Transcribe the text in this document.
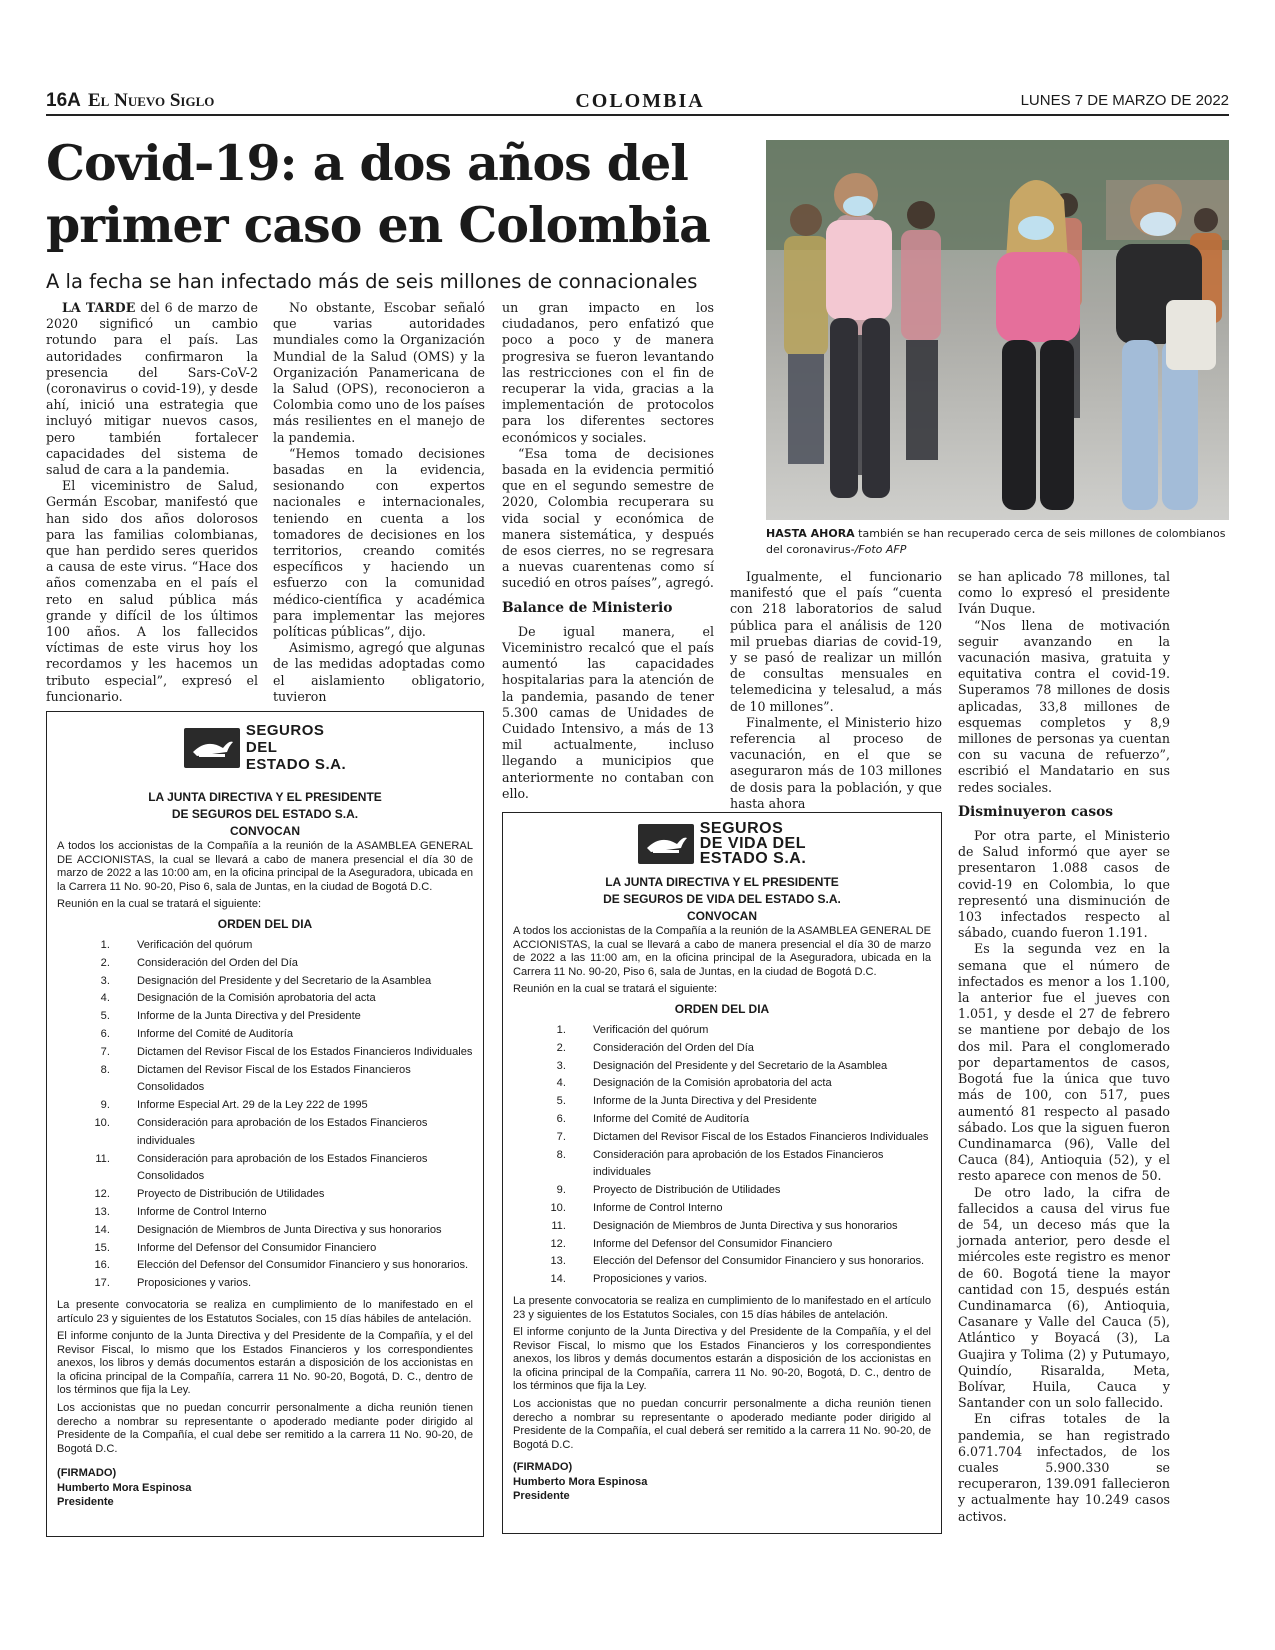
16A El Nuevo Siglo	COLOMBIA	LUNES 7 DE MARZO DE 2022
Covid-19: a dos años del
primer caso en Colombia

A la fecha se han infectado más de seis millones de connacionales

HASTA AHORA también se han recuperado cerca de seis millones de colombianos del coronavirus-/Foto AFP

LA TARDE del 6 de marzo de 2020 significó un cambio rotundo para el país. Las autoridades confirmaron la presencia del Sars-CoV-2 (coronavirus o covid-19), y desde ahí, inició una estrategia que incluyó mitigar nuevos casos, pero también fortalecer capacidades del sistema de salud de cara a la pandemia.

El viceministro de Salud, Germán Escobar, manifestó que han sido dos años dolorosos para las familias colombianas, que han perdido seres queridos a causa de este virus. “Hace dos años comenzaba en el país el reto en salud pública más grande y difícil de los últimos 100 años. A los fallecidos víctimas de este virus hoy los recordamos y les hacemos un tributo especial”, expresó el funcionario.

No obstante, Escobar señaló que varias autoridades mundiales como la Organización Mundial de la Salud (OMS) y la Organización Panamericana de la Salud (OPS), reconocieron a Colombia como uno de los países más resilientes en el manejo de la pandemia.

“Hemos tomado decisiones basadas en la evidencia, sesionando con expertos nacionales e internacionales, teniendo en cuenta a los tomadores de decisiones en los territorios, creando comités específicos y haciendo un esfuerzo con la comunidad médico-científica y académica para implementar las mejores políticas públicas”, dijo.

Asimismo, agregó que algunas de las medidas adoptadas como el aislamiento obligatorio, tuvieron

un gran impacto en los ciudadanos, pero enfatizó que poco a poco y de manera progresiva se fueron levantando las restricciones con el fin de recuperar la vida, gracias a la implementación de protocolos para los diferentes sectores económicos y sociales.

“Esa toma de decisiones basada en la evidencia permitió que en el segundo semestre de 2020, Colombia recuperara su vida social y económica de manera sistemática, y después de esos cierres, no se regresara a nuevas cuarentenas como sí sucedió en otros países”, agregó.

Balance de Ministerio

De igual manera, el Viceministro recalcó que el país aumentó las capacidades hospitalarias para la atención de la pandemia, pasando de tener 5.300 camas de Unidades de Cuidado Intensivo, a más de 13 mil actualmente, incluso llegando a municipios que anteriormente no contaban con ello.

Igualmente, el funcionario manifestó que el país “cuenta con 218 laboratorios de salud pública para el análisis de 120 mil pruebas diarias de covid-19, y se pasó de realizar un millón de consultas mensuales en telemedicina y telesalud, a más de 10 millones”.

Finalmente, el Ministerio hizo referencia al proceso de vacunación, en el que se aseguraron más de 103 millones de dosis para la población, y que hasta ahora

se han aplicado 78 millones, tal como lo expresó el presidente Iván Duque.

“Nos llena de motivación seguir avanzando en la vacunación masiva, gratuita y equitativa contra el covid-19. Superamos 78 millones de dosis aplicadas, 33,8 millones de esquemas completos y 8,9 millones de personas ya cuentan con su vacuna de refuerzo”, escribió el Mandatario en sus redes sociales.

Disminuyeron casos

Por otra parte, el Ministerio de Salud informó que ayer se presentaron 1.088 casos de covid-19 en Colombia, lo que representó una disminución de 103 infectados respecto al sábado, cuando fueron 1.191.

Es la segunda vez en la semana que el número de infectados es menor a los 1.100, la anterior fue el jueves con 1.051, y desde el 27 de febrero se mantiene por debajo de los dos mil. Para el conglomerado por departamentos de casos, Bogotá fue la única que tuvo más de 100, con 517, pues aumentó 81 respecto al pasado sábado. Los que la siguen fueron Cundinamarca (96), Valle del Cauca (84), Antioquia (52), y el resto aparece con menos de 50.

De otro lado, la cifra de fallecidos a causa del virus fue de 54, un deceso más que la jornada anterior, pero desde el miércoles este registro es menor de 60. Bogotá tiene la mayor cantidad con 15, después están Cundinamarca (6), Antioquia, Casanare y Valle del Cauca (5), Atlántico y Boyacá (3), La Guajira y Tolima (2) y Putumayo, Quindío, Risaralda, Meta, Bolívar, Huila, Cauca y Santander con un solo fallecido.

En cifras totales de la pandemia, se han registrado 6.071.704 infectados, de los cuales 5.900.330 se recuperaron, 139.091 fallecieron y actualmente hay 10.249 casos activos.

SEGUROS
DEL
ESTADO S.A.
LA JUNTA DIRECTIVA Y EL PRESIDENTE
DE SEGUROS DEL ESTADO S.A.
CONVOCAN

A todos los accionistas de la Compañía a la reunión de la ASAMBLEA GENERAL DE ACCIONISTAS, la cual se llevará a cabo de manera presencial el día 30 de marzo de 2022 a las 10:00 am, en la oficina principal de la Aseguradora, ubicada en la Carrera 11 No. 90-20, Piso 6, sala de Juntas, en la ciudad de Bogotá D.C.

Reunión en la cual se tratará el siguiente:

ORDEN DEL DIA
1. Verificación del quórum
2. Consideración del Orden del Día
3. Designación del Presidente y del Secretario de la Asamblea
4. Designación de la Comisión aprobatoria del acta
5. Informe de la Junta Directiva y del Presidente
6. Informe del Comité de Auditoría
7. Dictamen del Revisor Fiscal de los Estados Financieros Individuales
8. Dictamen del Revisor Fiscal de los Estados Financieros Consolidados
9. Informe Especial Art. 29 de la Ley 222 de 1995
10. Consideración para aprobación de los Estados Financieros individuales
11. Consideración para aprobación de los Estados Financieros Consolidados
12. Proyecto de Distribución de Utilidades
13. Informe de Control Interno
14. Designación de Miembros de Junta Directiva y sus honorarios
15. Informe del Defensor del Consumidor Financiero
16. Elección del Defensor del Consumidor Financiero y sus honorarios.
17. Proposiciones y varios.

La presente convocatoria se realiza en cumplimiento de lo manifestado en el artículo 23 y siguientes de los Estatutos Sociales, con 15 días hábiles de antelación.

El informe conjunto de la Junta Directiva y del Presidente de la Compañía, y el del Revisor Fiscal, lo mismo que los Estados Financieros y los correspondientes anexos, los libros y demás documentos estarán a disposición de los accionistas en la oficina principal de la Compañía, carrera 11 No. 90-20, Bogotá, D. C., dentro de los términos que fija la Ley.

Los accionistas que no puedan concurrir personalmente a dicha reunión tienen derecho a nombrar su representante o apoderado mediante poder dirigido al Presidente de la Compañía, el cual debe ser remitido a la carrera 11 No. 90-20, de Bogotá D.C.

(FIRMADO)
Humberto Mora Espinosa
Presidente
SEGUROS
DE VIDA DEL
ESTADO S.A.
LA JUNTA DIRECTIVA Y EL PRESIDENTE
DE SEGUROS DE VIDA DEL ESTADO S.A.
CONVOCAN

A todos los accionistas de la Compañía a la reunión de la ASAMBLEA GENERAL DE ACCIONISTAS, la cual se llevará a cabo de manera presencial el día 30 de marzo de 2022 a las 11:00 am, en la oficina principal de la Aseguradora, ubicada en la Carrera 11 No. 90-20, Piso 6, sala de Juntas, en la ciudad de Bogotá D.C.

Reunión en la cual se tratará el siguiente:

ORDEN DEL DIA
1. Verificación del quórum
2. Consideración del Orden del Día
3. Designación del Presidente y del Secretario de la Asamblea
4. Designación de la Comisión aprobatoria del acta
5. Informe de la Junta Directiva y del Presidente
6. Informe del Comité de Auditoría
7. Dictamen del Revisor Fiscal de los Estados Financieros Individuales
8. Consideración para aprobación de los Estados Financieros individuales
9. Proyecto de Distribución de Utilidades
10. Informe de Control Interno
11. Designación de Miembros de Junta Directiva y sus honorarios
12. Informe del Defensor del Consumidor Financiero
13. Elección del Defensor del Consumidor Financiero y sus honorarios.
14. Proposiciones y varios.

La presente convocatoria se realiza en cumplimiento de lo manifestado en el artículo 23 y siguientes de los Estatutos Sociales, con 15 días hábiles de antelación.

El informe conjunto de la Junta Directiva y del Presidente de la Compañía, y el del Revisor Fiscal, lo mismo que los Estados Financieros y los correspondientes anexos, los libros y demás documentos estarán a disposición de los accionistas en la oficina principal de la Compañía, carrera 11 No. 90-20, Bogotá, D. C., dentro de los términos que fija la Ley.

Los accionistas que no puedan concurrir personalmente a dicha reunión tienen derecho a nombrar su representante o apoderado mediante poder dirigido al Presidente de la Compañía, el cual deberá ser remitido a la carrera 11 No. 90-20, de Bogotá D.C.

(FIRMADO)
Humberto Mora Espinosa
Presidente
